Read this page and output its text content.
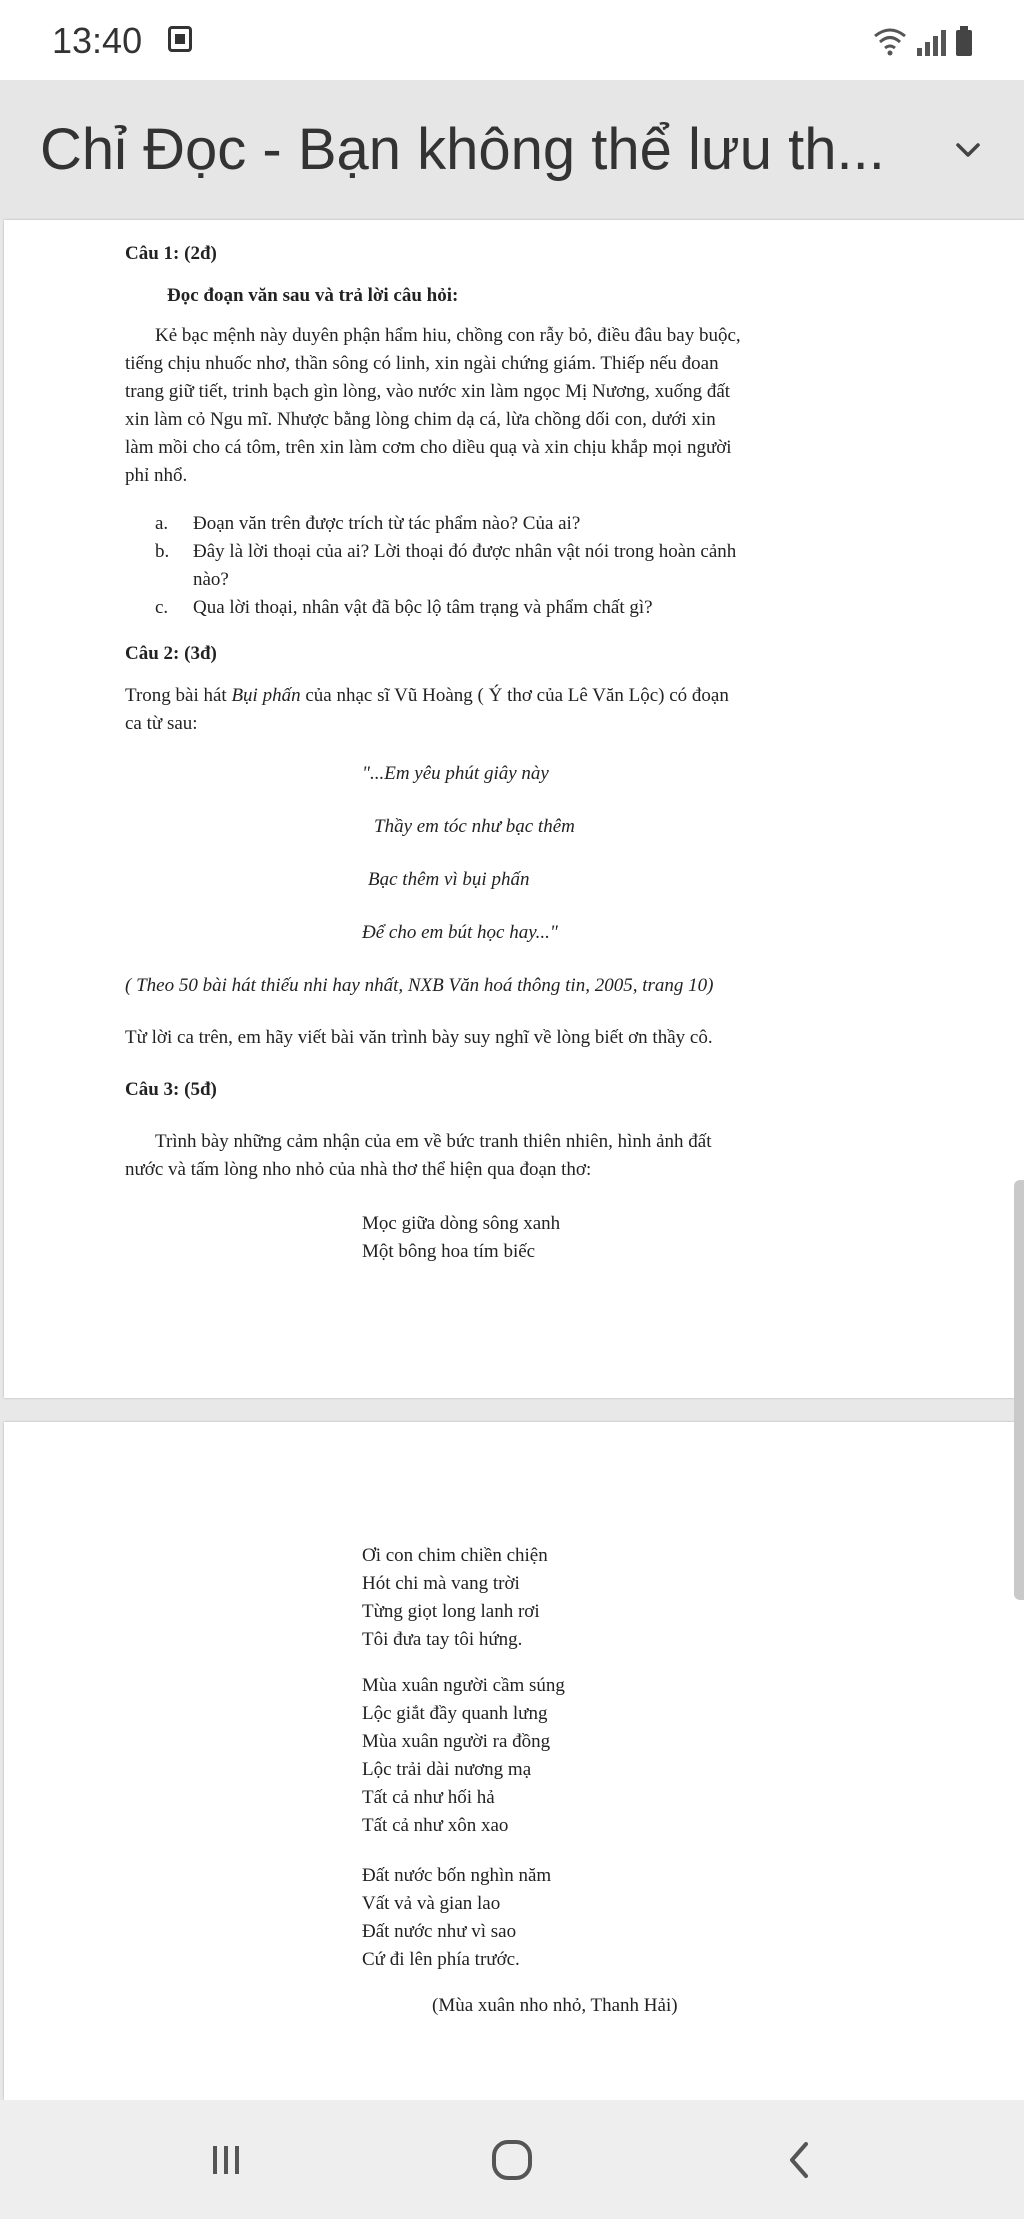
13:40
Chỉ Đọc - Bạn không thể lưu th...
Câu 1: (2đ)
Đọc đoạn văn sau và trả lời câu hỏi:
Kẻ bạc mệnh này duyên phận hẩm hiu, chồng con rẫy bỏ, điều đâu bay buộc,
tiếng chịu nhuốc nhơ, thần sông có linh, xin ngài chứng giám. Thiếp nếu đoan
trang giữ tiết, trinh bạch gìn lòng, vào nước xin làm ngọc Mị Nương, xuống đất
xin làm cỏ Ngu mĩ. Nhược bằng lòng chim dạ cá, lừa chồng dối con, dưới xin
làm mồi cho cá tôm, trên xin làm cơm cho diều quạ và xin chịu khắp mọi người
phỉ nhổ.
a.	Đoạn văn trên được trích từ tác phẩm nào? Của ai?
b.	Đây là lời thoại của ai? Lời thoại đó được nhân vật nói trong hoàn cảnh
nào?
c.	Qua lời thoại, nhân vật đã bộc lộ tâm trạng và phẩm chất gì?
Câu 2: (3đ)
Trong bài hát Bụi phấn của nhạc sĩ Vũ Hoàng ( Ý thơ của Lê Văn Lộc) có đoạn
ca từ sau:
"...Em yêu phút giây này
Thầy em tóc như bạc thêm
Bạc thêm vì bụi phấn
Để cho em bút học hay..."
( Theo 50 bài hát thiếu nhi hay nhất, NXB Văn hoá thông tin, 2005, trang 10)
Từ lời ca trên, em hãy viết bài văn trình bày suy nghĩ về lòng biết ơn thầy cô.
Câu 3: (5đ)
Trình bày những cảm nhận của em về bức tranh thiên nhiên, hình ảnh đất
nước và tấm lòng nho nhỏ của nhà thơ thể hiện qua đoạn thơ:
Mọc giữa dòng sông xanh
Một bông hoa tím biếc
Ơi con chim chiền chiện
Hót chi mà vang trời
Từng giọt long lanh rơi
Tôi đưa tay tôi hứng.
Mùa xuân người cầm súng
Lộc giắt đầy quanh lưng
Mùa xuân người ra đồng
Lộc trải dài nương mạ
Tất cả như hối hả
Tất cả như xôn xao
Đất nước bốn nghìn năm
Vất vả và gian lao
Đất nước như vì sao
Cứ đi lên phía trước.
(Mùa xuân nho nhỏ, Thanh Hải)
